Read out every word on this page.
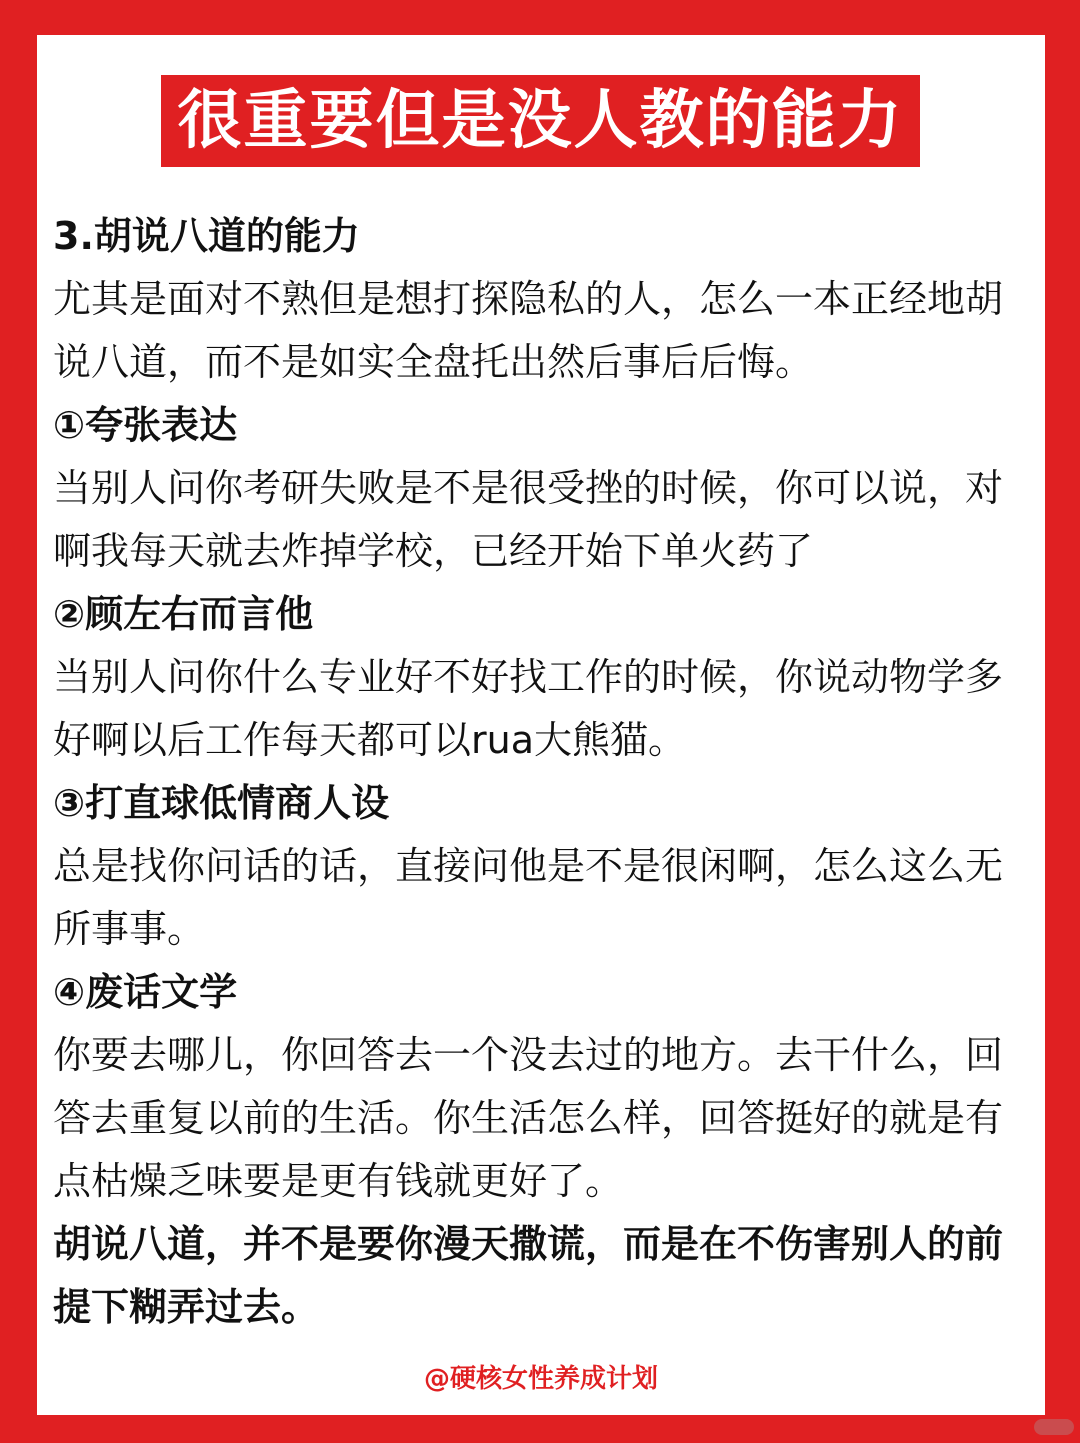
很重要但是没人教的能力

3.胡说八道的能力

尤其是面对不熟但是想打探隐私的人，怎么一本正经地胡说八道，而不是如实全盘托出然后事后后悔。

①夸张表达

当别人问你考研失败是不是很受挫的时候，你可以说，对啊我每天就去炸掉学校，已经开始下单火药了

②顾左右而言他

当别人问你什么专业好不好找工作的时候，你说动物学多好啊以后工作每天都可以rua大熊猫。

③打直球低情商人设

总是找你问话的话，直接问他是不是很闲啊，怎么这么无所事事。

④废话文学

你要去哪儿，你回答去一个没去过的地方。去干什么，回答去重复以前的生活。你生活怎么样，回答挺好的就是有点枯燥乏味要是更有钱就更好了。

胡说八道，并不是要你漫天撒谎，而是在不伤害别人的前提下糊弄过去。

@硬核女性养成计划
